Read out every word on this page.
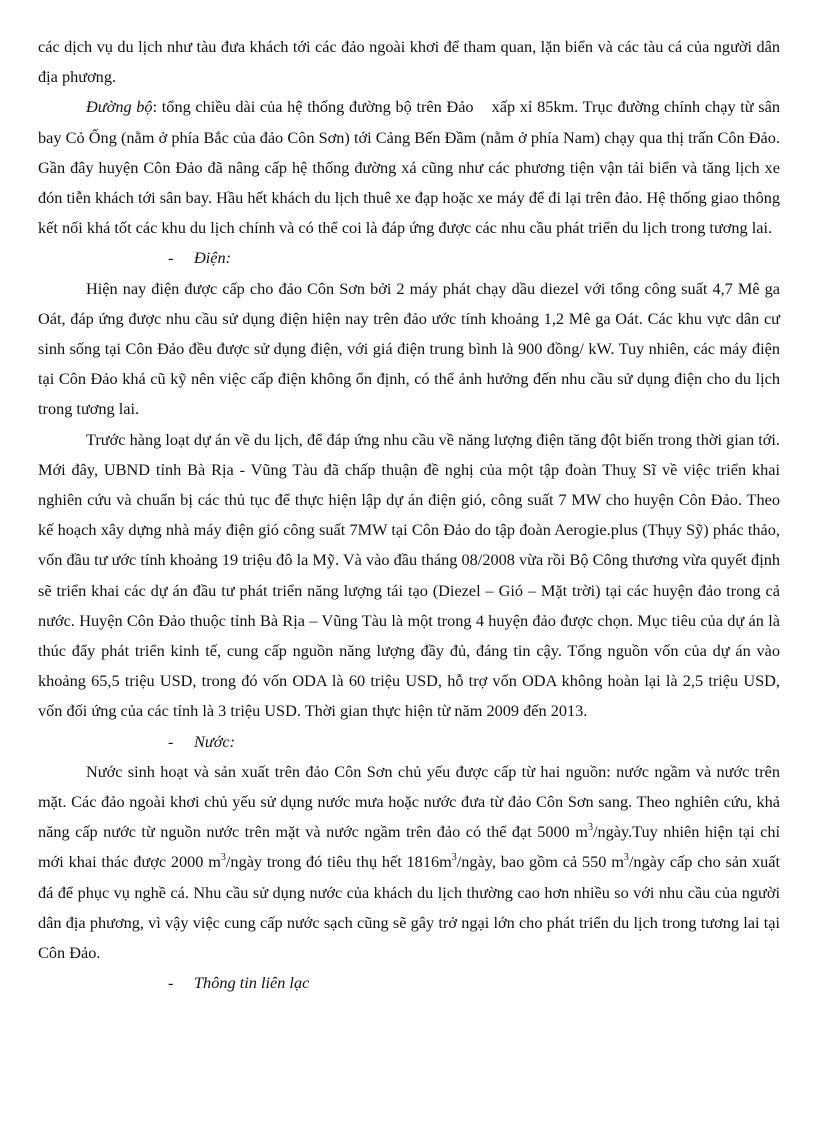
các dịch vụ du lịch như tàu đưa khách tới các đảo ngoài khơi để tham quan, lặn biển và các tàu cá của người dân địa phương.

Đường bộ: tổng chiều dài của hệ thống đường bộ trên Đảo xấp xỉ 85km. Trục đường chính chạy từ sân bay Cỏ Ống (nằm ở phía Bắc của đảo Côn Sơn) tới Cảng Bến Đầm (nằm ở phía Nam) chạy qua thị trấn Côn Đảo. Gần đây huyện Côn Đảo đã nâng cấp hệ thống đường xá cũng như các phương tiện vận tải biển và tăng lịch xe đón tiễn khách tới sân bay. Hầu hết khách du lịch thuê xe đạp hoặc xe máy để đi lại trên đảo. Hệ thống giao thông kết nối khá tốt các khu du lịch chính và có thể coi là đáp ứng được các nhu cầu phát triển du lịch trong tương lai.

- Điện:

Hiện nay điện được cấp cho đảo Côn Sơn bởi 2 máy phát chạy dầu diezel với tổng công suất 4,7 Mê ga Oát, đáp ứng được nhu cầu sử dụng điện hiện nay trên đảo ước tính khoảng 1,2 Mê ga Oát. Các khu vực dân cư sinh sống tại Côn Đảo đều được sử dụng điện, với giá điện trung bình là 900 đồng/ kW. Tuy nhiên, các máy điện tại Côn Đảo khá cũ kỹ nên việc cấp điện không ổn định, có thể ảnh hưởng đến nhu cầu sử dụng điện cho du lịch trong tương lai.

Trước hàng loạt dự án về du lịch, để đáp ứng nhu cầu về năng lượng điện tăng đột biến trong thời gian tới. Mới đây, UBND tỉnh Bà Rịa - Vũng Tàu đã chấp thuận đề nghị của một tập đoàn Thuỵ Sĩ về việc triển khai nghiên cứu và chuẩn bị các thủ tục để thực hiện lập dự án điện gió, công suất 7 MW cho huyện Côn Đảo. Theo kế hoạch xây dựng nhà máy điện gió công suất 7MW tại Côn Đảo do tập đoàn Aerogie.plus (Thụy Sỹ) phác thảo, vốn đầu tư ước tính khoảng 19 triệu đô la Mỹ. Và vào đầu tháng 08/2008 vừa rồi Bộ Công thương vừa quyết định sẽ triển khai các dự án đầu tư phát triển năng lượng tái tạo (Diezel – Gió – Mặt trời) tại các huyện đảo trong cả nước. Huyện Côn Đảo thuộc tỉnh Bà Rịa – Vũng Tàu là một trong 4 huyện đảo được chọn. Mục tiêu của dự án là thúc đẩy phát triển kinh tế, cung cấp nguồn năng lượng đầy đủ, đáng tin cậy. Tổng nguồn vốn của dự án vào khoảng 65,5 triệu USD, trong đó vốn ODA là 60 triệu USD, hỗ trợ vốn ODA không hoàn lại là 2,5 triệu USD, vốn đối ứng của các tỉnh là 3 triệu USD. Thời gian thực hiện từ năm 2009 đến 2013.

- Nước:

Nước sinh hoạt và sản xuất trên đảo Côn Sơn chủ yếu được cấp từ hai nguồn: nước ngầm và nước trên mặt. Các đảo ngoài khơi chủ yếu sử dụng nước mưa hoặc nước đưa từ đảo Côn Sơn sang. Theo nghiên cứu, khả năng cấp nước từ nguồn nước trên mặt và nước ngầm trên đảo có thể đạt 5000 $m^3/ngày.Tuy$ nhiên hiện tại chỉ mới khai thác được 2000 $m^3$/ngày trong đó tiêu thụ hết $1816m^3$/ngày, bao gồm cả 550 $m^3$/ngày cấp cho sản xuất đá để phục vụ nghề cá. Nhu cầu sử dụng nước của khách du lịch thường cao hơn nhiều so với nhu cầu của người dân địa phương, vì vậy việc cung cấp nước sạch cũng sẽ gây trở ngại lớn cho phát triển du lịch trong tương lai tại Côn Đảo.

- Thông tin liên lạc
